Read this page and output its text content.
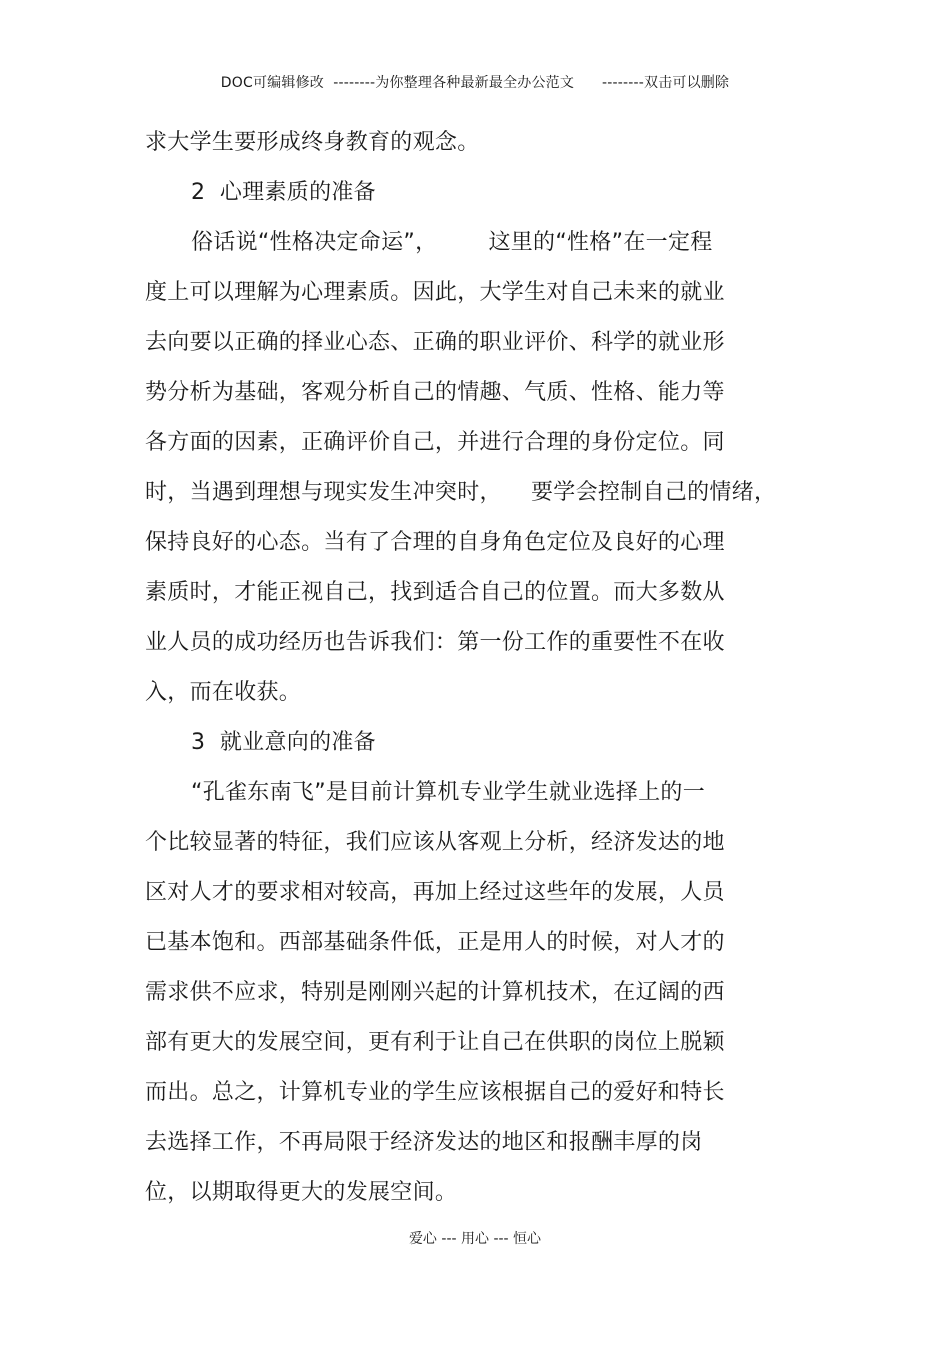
DOC可编辑修改  --------为你整理各种最新最全办公范文      --------双击可以删除
求大学生要形成终身教育的观念。
2  心理素质的准备
俗话说“性格决定命运”，       这里的“性格”在一定程
度上可以理解为心理素质。因此，大学生对自己未来的就业
去向要以正确的择业心态、正确的职业评价、科学的就业形
势分析为基础，客观分析自己的情趣、气质、性格、能力等
各方面的因素，正确评价自己，并进行合理的身份定位。同
时，当遇到理想与现实发生冲突时，    要学会控制自己的情绪，
保持良好的心态。当有了合理的自身角色定位及良好的心理
素质时，才能正视自己，找到适合自己的位置。而大多数从
业人员的成功经历也告诉我们：第一份工作的重要性不在收
入，而在收获。
3  就业意向的准备
“孔雀东南飞”是目前计算机专业学生就业选择上的一
个比较显著的特征，我们应该从客观上分析，经济发达的地
区对人才的要求相对较高，再加上经过这些年的发展，人员
已基本饱和。西部基础条件低，正是用人的时候，对人才的
需求供不应求，特别是刚刚兴起的计算机技术，在辽阔的西
部有更大的发展空间，更有利于让自己在供职的岗位上脱颖
而出。总之，计算机专业的学生应该根据自己的爱好和特长
去选择工作，不再局限于经济发达的地区和报酬丰厚的岗
位，以期取得更大的发展空间。
爱心 --- 用心 --- 恒心
